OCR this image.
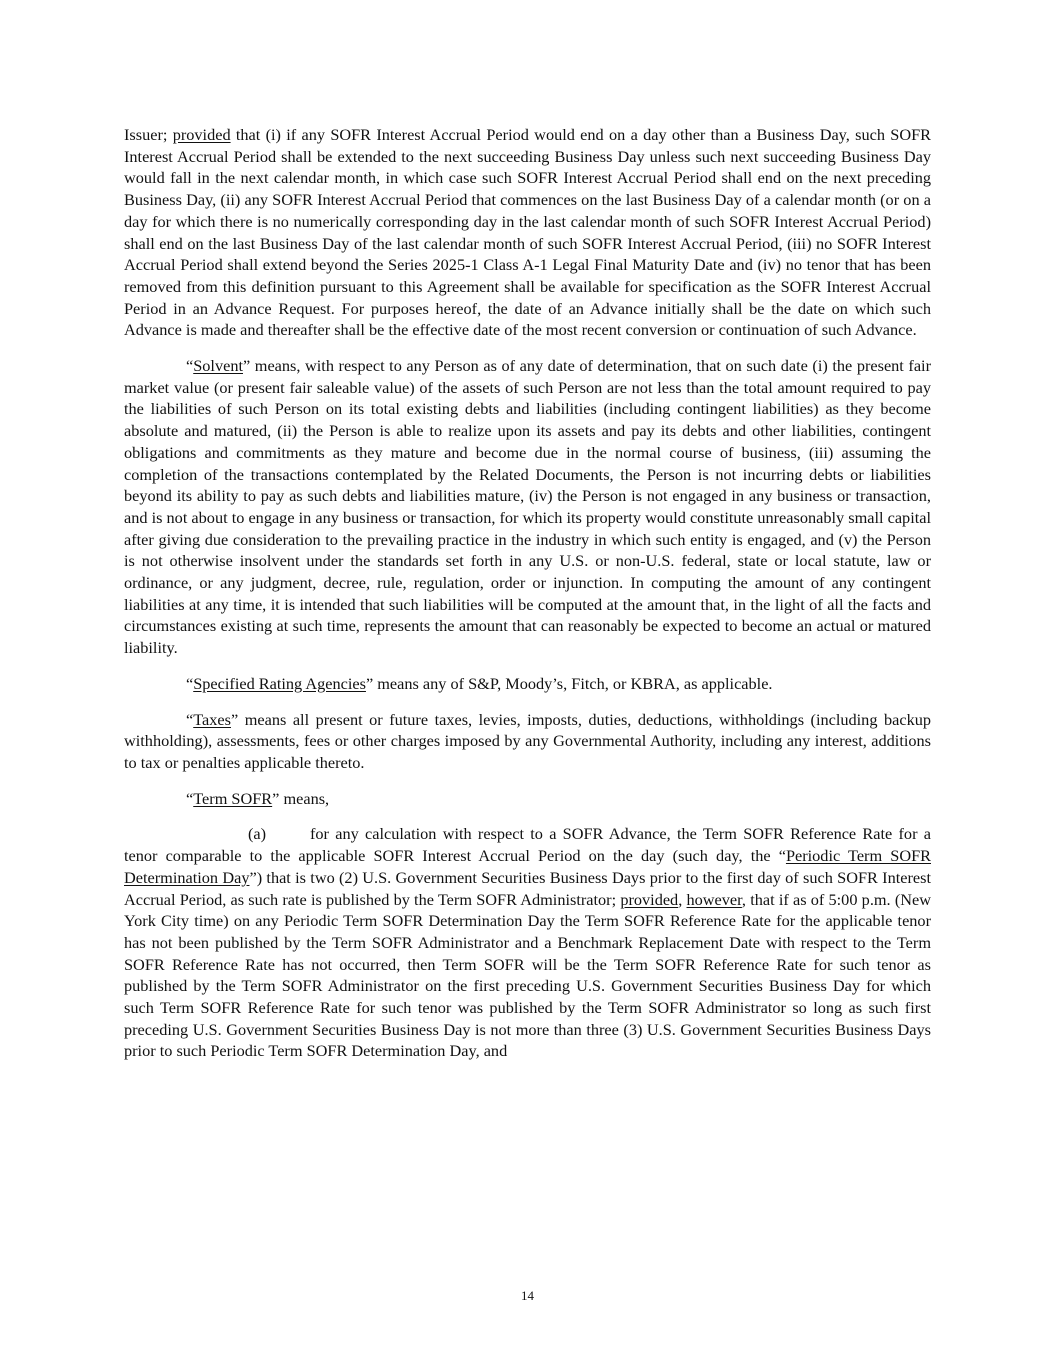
Issuer; provided that (i) if any SOFR Interest Accrual Period would end on a day other than a Business Day, such SOFR Interest Accrual Period shall be extended to the next succeeding Business Day unless such next succeeding Business Day would fall in the next calendar month, in which case such SOFR Interest Accrual Period shall end on the next preceding Business Day, (ii) any SOFR Interest Accrual Period that commences on the last Business Day of a calendar month (or on a day for which there is no numerically corresponding day in the last calendar month of such SOFR Interest Accrual Period) shall end on the last Business Day of the last calendar month of such SOFR Interest Accrual Period, (iii) no SOFR Interest Accrual Period shall extend beyond the Series 2025-1 Class A-1 Legal Final Maturity Date and (iv) no tenor that has been removed from this definition pursuant to this Agreement shall be available for specification as the SOFR Interest Accrual Period in an Advance Request. For purposes hereof, the date of an Advance initially shall be the date on which such Advance is made and thereafter shall be the effective date of the most recent conversion or continuation of such Advance.

“Solvent” means, with respect to any Person as of any date of determination, that on such date (i) the present fair market value (or present fair saleable value) of the assets of such Person are not less than the total amount required to pay the liabilities of such Person on its total existing debts and liabilities (including contingent liabilities) as they become absolute and matured, (ii) the Person is able to realize upon its assets and pay its debts and other liabilities, contingent obligations and commitments as they mature and become due in the normal course of business, (iii) assuming the completion of the transactions contemplated by the Related Documents, the Person is not incurring debts or liabilities beyond its ability to pay as such debts and liabilities mature, (iv) the Person is not engaged in any business or transaction, and is not about to engage in any business or transaction, for which its property would constitute unreasonably small capital after giving due consideration to the prevailing practice in the industry in which such entity is engaged, and (v) the Person is not otherwise insolvent under the standards set forth in any U.S. or non-U.S. federal, state or local statute, law or ordinance, or any judgment, decree, rule, regulation, order or injunction. In computing the amount of any contingent liabilities at any time, it is intended that such liabilities will be computed at the amount that, in the light of all the facts and circumstances existing at such time, represents the amount that can reasonably be expected to become an actual or matured liability.

“Specified Rating Agencies” means any of S&P, Moody’s, Fitch, or KBRA, as applicable.

“Taxes” means all present or future taxes, levies, imposts, duties, deductions, withholdings (including backup withholding), assessments, fees or other charges imposed by any Governmental Authority, including any interest, additions to tax or penalties applicable thereto.

“Term SOFR” means,

(a)	for any calculation with respect to a SOFR Advance, the Term SOFR Reference Rate for a tenor comparable to the applicable SOFR Interest Accrual Period on the day (such day, the “Periodic Term SOFR Determination Day”) that is two (2) U.S. Government Securities Business Days prior to the first day of such SOFR Interest Accrual Period, as such rate is published by the Term SOFR Administrator; provided, however, that if as of 5:00 p.m. (New York City time) on any Periodic Term SOFR Determination Day the Term SOFR Reference Rate for the applicable tenor has not been published by the Term SOFR Administrator and a Benchmark Replacement Date with respect to the Term SOFR Reference Rate has not occurred, then Term SOFR will be the Term SOFR Reference Rate for such tenor as published by the Term SOFR Administrator on the first preceding U.S. Government Securities Business Day for which such Term SOFR Reference Rate for such tenor was published by the Term SOFR Administrator so long as such first preceding U.S. Government Securities Business Day is not more than three (3) U.S. Government Securities Business Days prior to such Periodic Term SOFR Determination Day, and

14
